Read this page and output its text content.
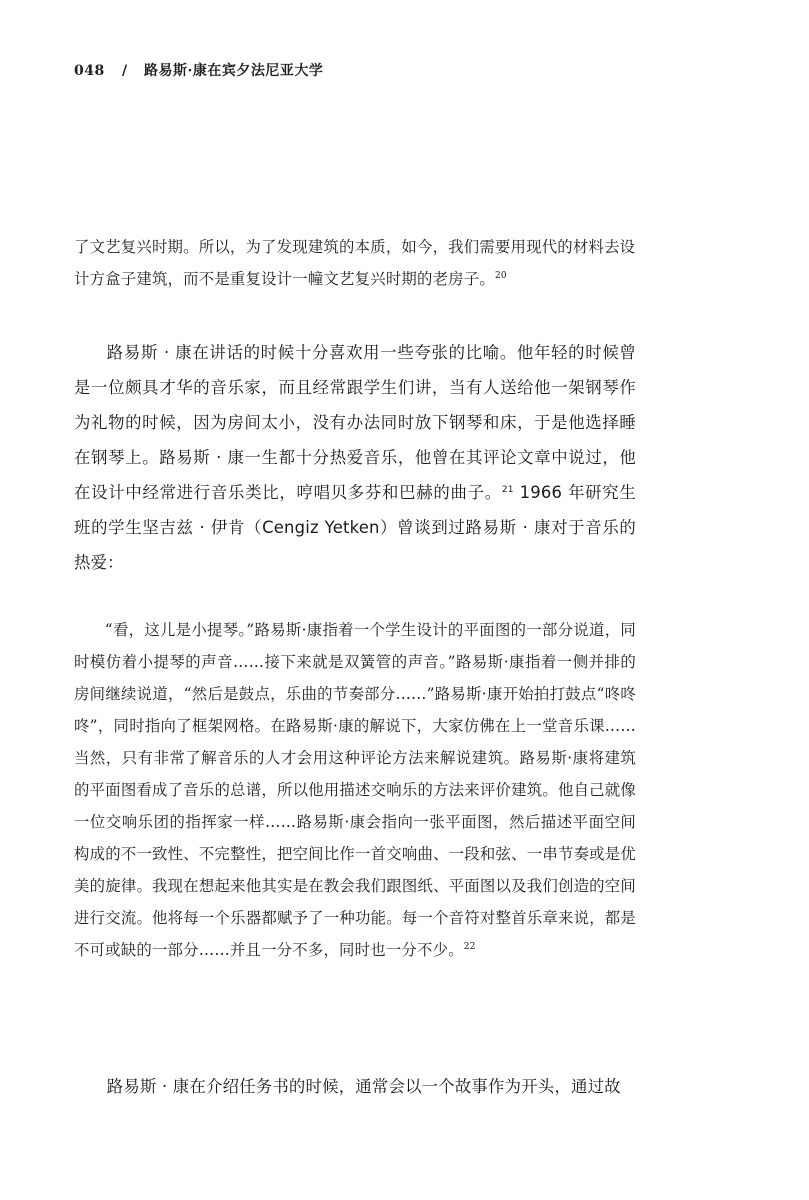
048 / 路易斯·康在宾夕法尼亚大学

了文艺复兴时期。所以，为了发现建筑的本质，如今，我们需要用现代的材料去设计方盒子建筑，而不是重复设计一幢文艺复兴时期的老房子。$^{20}$

路易斯 · 康在讲话的时候十分喜欢用一些夸张的比喻。他年轻的时候曾是一位颇具才华的音乐家，而且经常跟学生们讲，当有人送给他一架钢琴作为礼物的时候，因为房间太小，没有办法同时放下钢琴和床，于是他选择睡在钢琴上。路易斯 · 康一生都十分热爱音乐，他曾在其评论文章中说过，他在设计中经常进行音乐类比，哼唱贝多芬和巴赫的曲子。$^{21}$ 1966 年研究生班的学生坚吉兹 · 伊肯（Cengiz Yetken）曾谈到过路易斯 · 康对于音乐的热爱：

“看，这儿是小提琴。”路易斯·康指着一个学生设计的平面图的一部分说道，同时模仿着小提琴的声音……接下来就是双簧管的声音。”路易斯·康指着一侧并排的房间继续说道，“然后是鼓点，乐曲的节奏部分……”路易斯·康开始拍打鼓点“咚咚咚”，同时指向了框架网格。在路易斯·康的解说下，大家仿佛在上一堂音乐课……当然，只有非常了解音乐的人才会用这种评论方法来解说建筑。路易斯·康将建筑的平面图看成了音乐的总谱，所以他用描述交响乐的方法来评价建筑。他自己就像一位交响乐团的指挥家一样……路易斯·康会指向一张平面图，然后描述平面空间构成的不一致性、不完整性，把空间比作一首交响曲、一段和弦、一串节奏或是优美的旋律。我现在想起来他其实是在教会我们跟图纸、平面图以及我们创造的空间进行交流。他将每一个乐器都赋予了一种功能。每一个音符对整首乐章来说，都是不可或缺的一部分……并且一分不多，同时也一分不少。$^{22}$

路易斯 · 康在介绍任务书的时候，通常会以一个故事作为开头，通过故
